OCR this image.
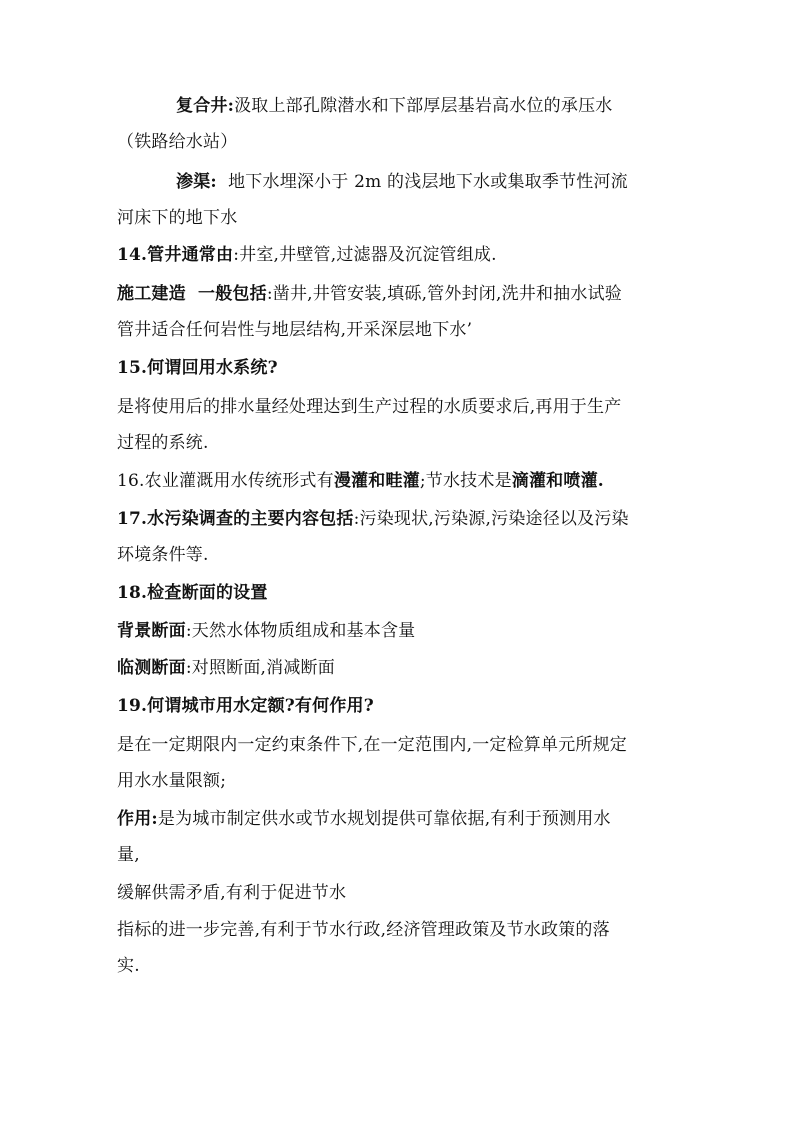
复合井:汲取上部孔隙潜水和下部厚层基岩高水位的承压水
（铁路给水站）
渗渠:  地下水埋深小于 2m 的浅层地下水或集取季节性河流
河床下的地下水
14.管井通常由:井室,井壁管,过滤器及沉淀管组成.
施工建造  一般包括:凿井,井管安装,填砾,管外封闭,洗井和抽水试验
管井适合任何岩性与地层结构,开采深层地下水’
15.何谓回用水系统?
是将使用后的排水量经处理达到生产过程的水质要求后,再用于生产
过程的系统.
16.农业灌溉用水传统形式有漫灌和畦灌;节水技术是滴灌和喷灌.
17.水污染调查的主要内容包括:污染现状,污染源,污染途径以及污染
环境条件等.
18.检查断面的设置
背景断面:天然水体物质组成和基本含量
临测断面:对照断面,消减断面
19.何谓城市用水定额?有何作用?
是在一定期限内一定约束条件下,在一定范围内,一定检算单元所规定
用水水量限额;
作用:是为城市制定供水或节水规划提供可靠依据,有利于预测用水
量,
缓解供需矛盾,有利于促进节水
指标的进一步完善,有利于节水行政,经济管理政策及节水政策的落
实.
